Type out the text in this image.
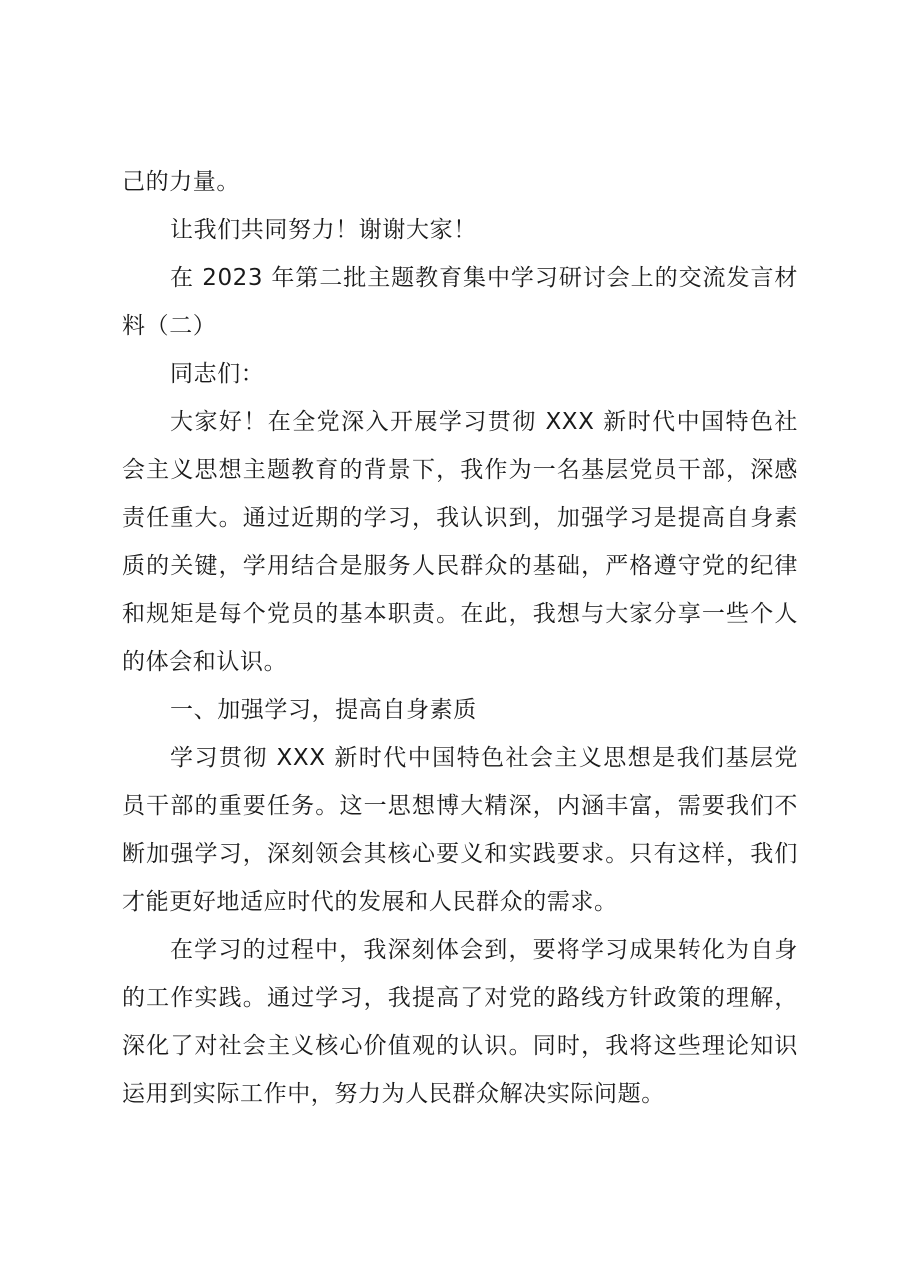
己的力量。

让我们共同努力！谢谢大家！

在 2023 年第二批主题教育集中学习研讨会上的交流发言材料（二）

同志们：

大家好！在全党深入开展学习贯彻 XXX 新时代中国特色社会主义思想主题教育的背景下，我作为一名基层党员干部，深感责任重大。通过近期的学习，我认识到，加强学习是提高自身素质的关键，学用结合是服务人民群众的基础，严格遵守党的纪律和规矩是每个党员的基本职责。在此，我想与大家分享一些个人的体会和认识。

一、加强学习，提高自身素质

学习贯彻 XXX 新时代中国特色社会主义思想是我们基层党员干部的重要任务。这一思想博大精深，内涵丰富，需要我们不断加强学习，深刻领会其核心要义和实践要求。只有这样，我们才能更好地适应时代的发展和人民群众的需求。

在学习的过程中，我深刻体会到，要将学习成果转化为自身的工作实践。通过学习，我提高了对党的路线方针政策的理解，深化了对社会主义核心价值观的认识。同时，我将这些理论知识运用到实际工作中，努力为人民群众解决实际问题。
